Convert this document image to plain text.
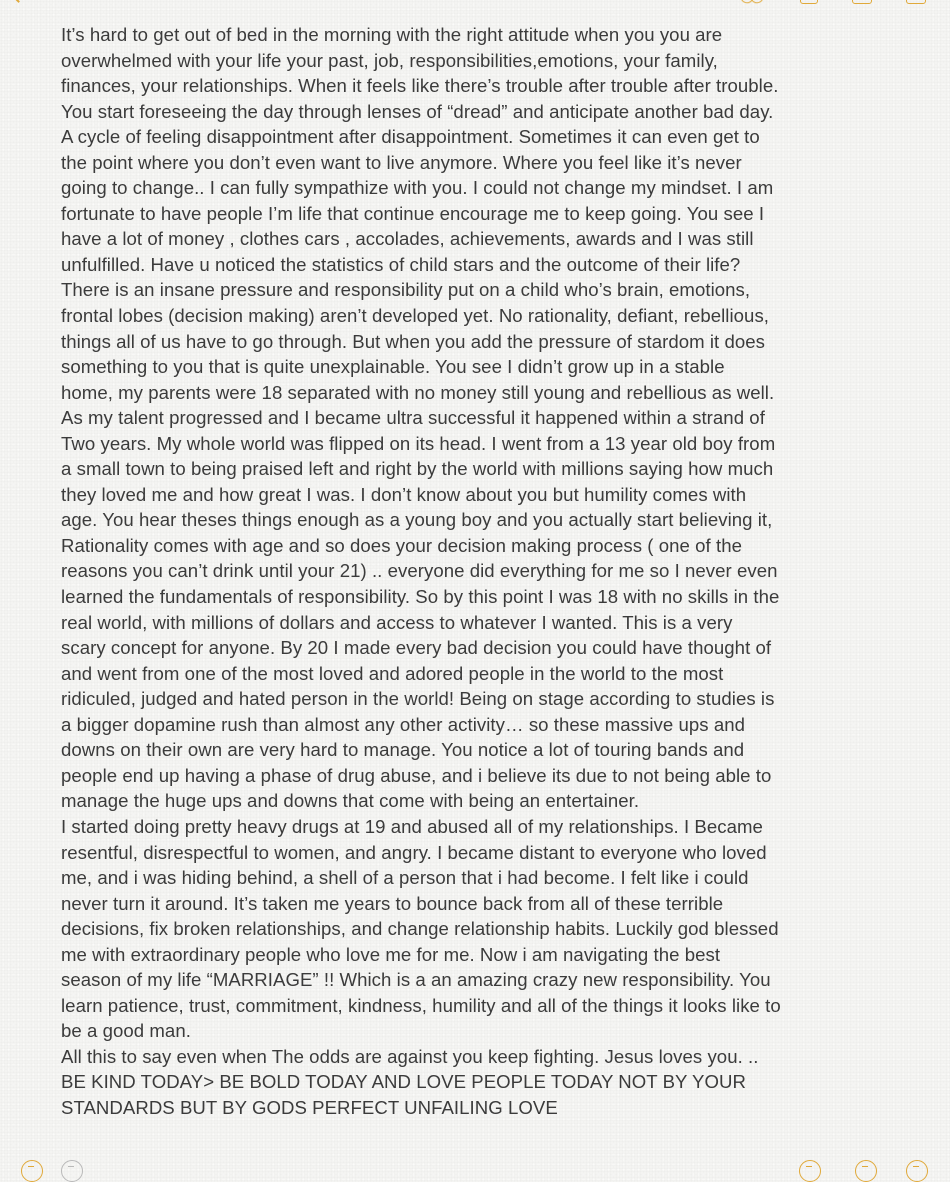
It’s hard to get out of bed in the morning with the right attitude when you you are overwhelmed with your life your past, job, responsibilities,emotions, your family, finances, your relationships. When it feels like there’s trouble after trouble after trouble. You start foreseeing the day through lenses of “dread” and anticipate another bad day. A cycle of feeling disappointment after disappointment. Sometimes it can even get to the point where you don’t even want to live anymore. Where you feel like it’s never going to change.. I can fully sympathize with you. I could not change my mindset. I am fortunate to have people I’m life that continue encourage me to keep going. You see I have a lot of money , clothes cars , accolades, achievements, awards and I was still unfulfilled. Have u noticed the statistics of child stars and the outcome of their life? There is an insane pressure and responsibility put on a child who’s brain, emotions, frontal lobes (decision making) aren’t developed yet. No rationality, defiant, rebellious, things all of us have to go through. But when you add the pressure of stardom it does something to you that is quite unexplainable. You see I didn’t grow up in a stable home, my parents were 18 separated with no money still young and rebellious as well. As my talent progressed and I became ultra successful it happened within a strand of Two years. My whole world was flipped on its head. I went from a 13 year old boy from a small town to being praised left and right by the world with millions saying how much they loved me and how great I was. I don’t know about you but humility comes with age. You hear theses things enough as a young boy and you actually start believing it, Rationality comes with age and so does your decision making process ( one of the reasons you can’t drink until your 21) .. everyone did everything for me so I never even learned the fundamentals of responsibility. So by this point I was 18 with no skills in the real world, with millions of dollars and access to whatever I wanted. This is a very scary concept for anyone. By 20 I made every bad decision you could have thought of and went from one of the most loved and adored people in the world to the most ridiculed, judged and hated person in the world! Being on stage according to studies is a bigger dopamine rush than almost any other activity… so these massive ups and downs on their own are very hard to manage. You notice a lot of touring bands and people end up having a phase of drug abuse, and i believe its due to not being able to manage the huge ups and downs that come with being an entertainer.

I started doing pretty heavy drugs at 19 and abused all of my relationships. I Became resentful, disrespectful to women, and angry. I became distant to everyone who loved me, and i was hiding behind, a shell of a person that i had become. I felt like i could never turn it around. It’s taken me years to bounce back from all of these terrible decisions, fix broken relationships, and change relationship habits. Luckily god blessed me with extraordinary people who love me for me. Now i am navigating the best season of my life “MARRIAGE” !! Which is a an amazing crazy new responsibility. You learn patience, trust, commitment, kindness, humility and all of the things it looks like to be a good man.

All this to say even when The odds are against you keep fighting. Jesus loves you. .. BE KIND TODAY> BE BOLD TODAY AND LOVE PEOPLE TODAY NOT BY YOUR STANDARDS BUT BY GODS PERFECT UNFAILING LOVE
